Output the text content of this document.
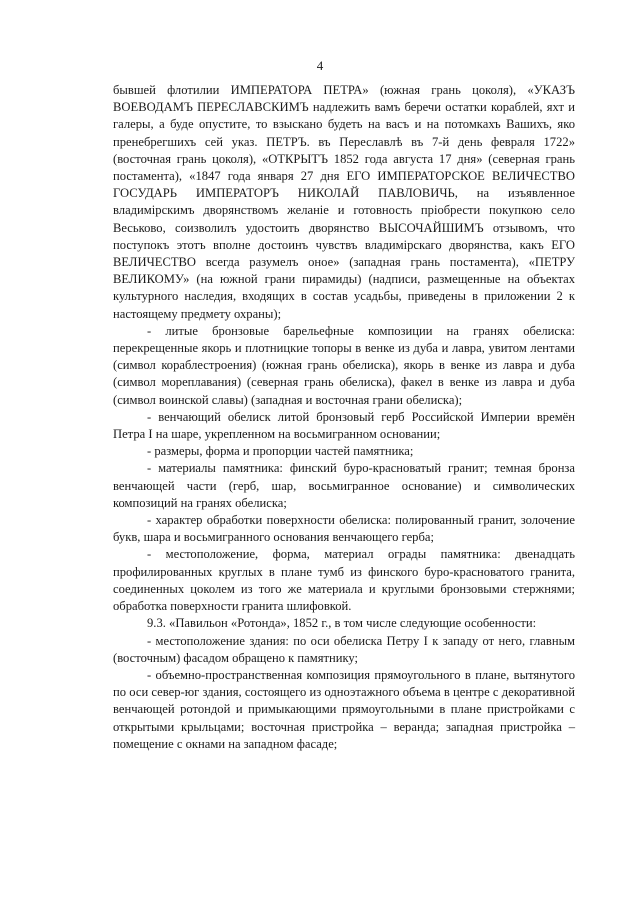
4

бывшей флотилии ИМПЕРАТОРА ПЕТРА» (южная грань цоколя), «УКАЗЪ ВОЕВОДАМЪ ПЕРЕСЛАВСКИМЪ надлежить вамъ беречи остатки кораблей, яхт и галеры, а буде опустите, то взыскано будеть на васъ и на потомкахъ Вашихъ, яко пренебрегшихъ сей указ. ПЕТРЪ. въ Переславлѣ въ 7-й день февраля 1722» (восточная грань цоколя), «ОТКРЫТЪ 1852 года августа 17 дня» (северная грань постамента), «1847 года января 27 дня ЕГО ИМПЕРАТОРСКОЕ ВЕЛИЧЕСТВО ГОСУДАРЬ ИМПЕРАТОРЪ НИКОЛАЙ ПАВЛОВИЧЬ, на изъявленное владимірскимъ дворянствомъ желаніе и готовность пріобрести покупкою село Веськово, соизволилъ удостоить дворянство ВЫСОЧАЙШИМЪ отзывомъ, что поступокъ этотъ вполне достоинъ чувствъ владимірскаго дворянства, какъ ЕГО ВЕЛИЧЕСТВО всегда разумелъ оное» (западная грань постамента), «ПЕТРУ ВЕЛИКОМУ» (на южной грани пирамиды) (надписи, размещенные на объектах культурного наследия, входящих в состав усадьбы, приведены в приложении 2 к настоящему предмету охраны);

- литые бронзовые барельефные композиции на гранях обелиска: перекрещенные якорь и плотницкие топоры в венке из дуба и лавра, увитом лентами (символ кораблестроения) (южная грань обелиска), якорь в венке из лавра и дуба (символ мореплавания) (северная грань обелиска), факел в венке из лавра и дуба (символ воинской славы) (западная и восточная грани обелиска);

- венчающий обелиск литой бронзовый герб Российской Империи времён Петра I на шаре, укрепленном на восьмигранном основании;

- размеры, форма и пропорции частей памятника;

- материалы памятника: финский буро-красноватый гранит; темная бронза венчающей части (герб, шар, восьмигранное основание) и символических композиций на гранях обелиска;

- характер обработки поверхности обелиска: полированный гранит, золочение букв, шара и восьмигранного основания венчающего герба;

- местоположение, форма, материал ограды памятника: двенадцать профилированных круглых в плане тумб из финского буро-красноватого гранита, соединенных цоколем из того же материала и круглыми бронзовыми стержнями; обработка поверхности гранита шлифовкой.

9.3. «Павильон «Ротонда», 1852 г., в том числе следующие особенности:

- местоположение здания: по оси обелиска Петру I к западу от него, главным (восточным) фасадом обращено к памятнику;

- объемно-пространственная композиция прямоугольного в плане, вытянутого по оси север-юг здания, состоящего из одноэтажного объема в центре с декоративной венчающей ротондой и примыкающими прямоугольными в плане пристройками с открытыми крыльцами; восточная пристройка – веранда; западная пристройка – помещение с окнами на западном фасаде;
